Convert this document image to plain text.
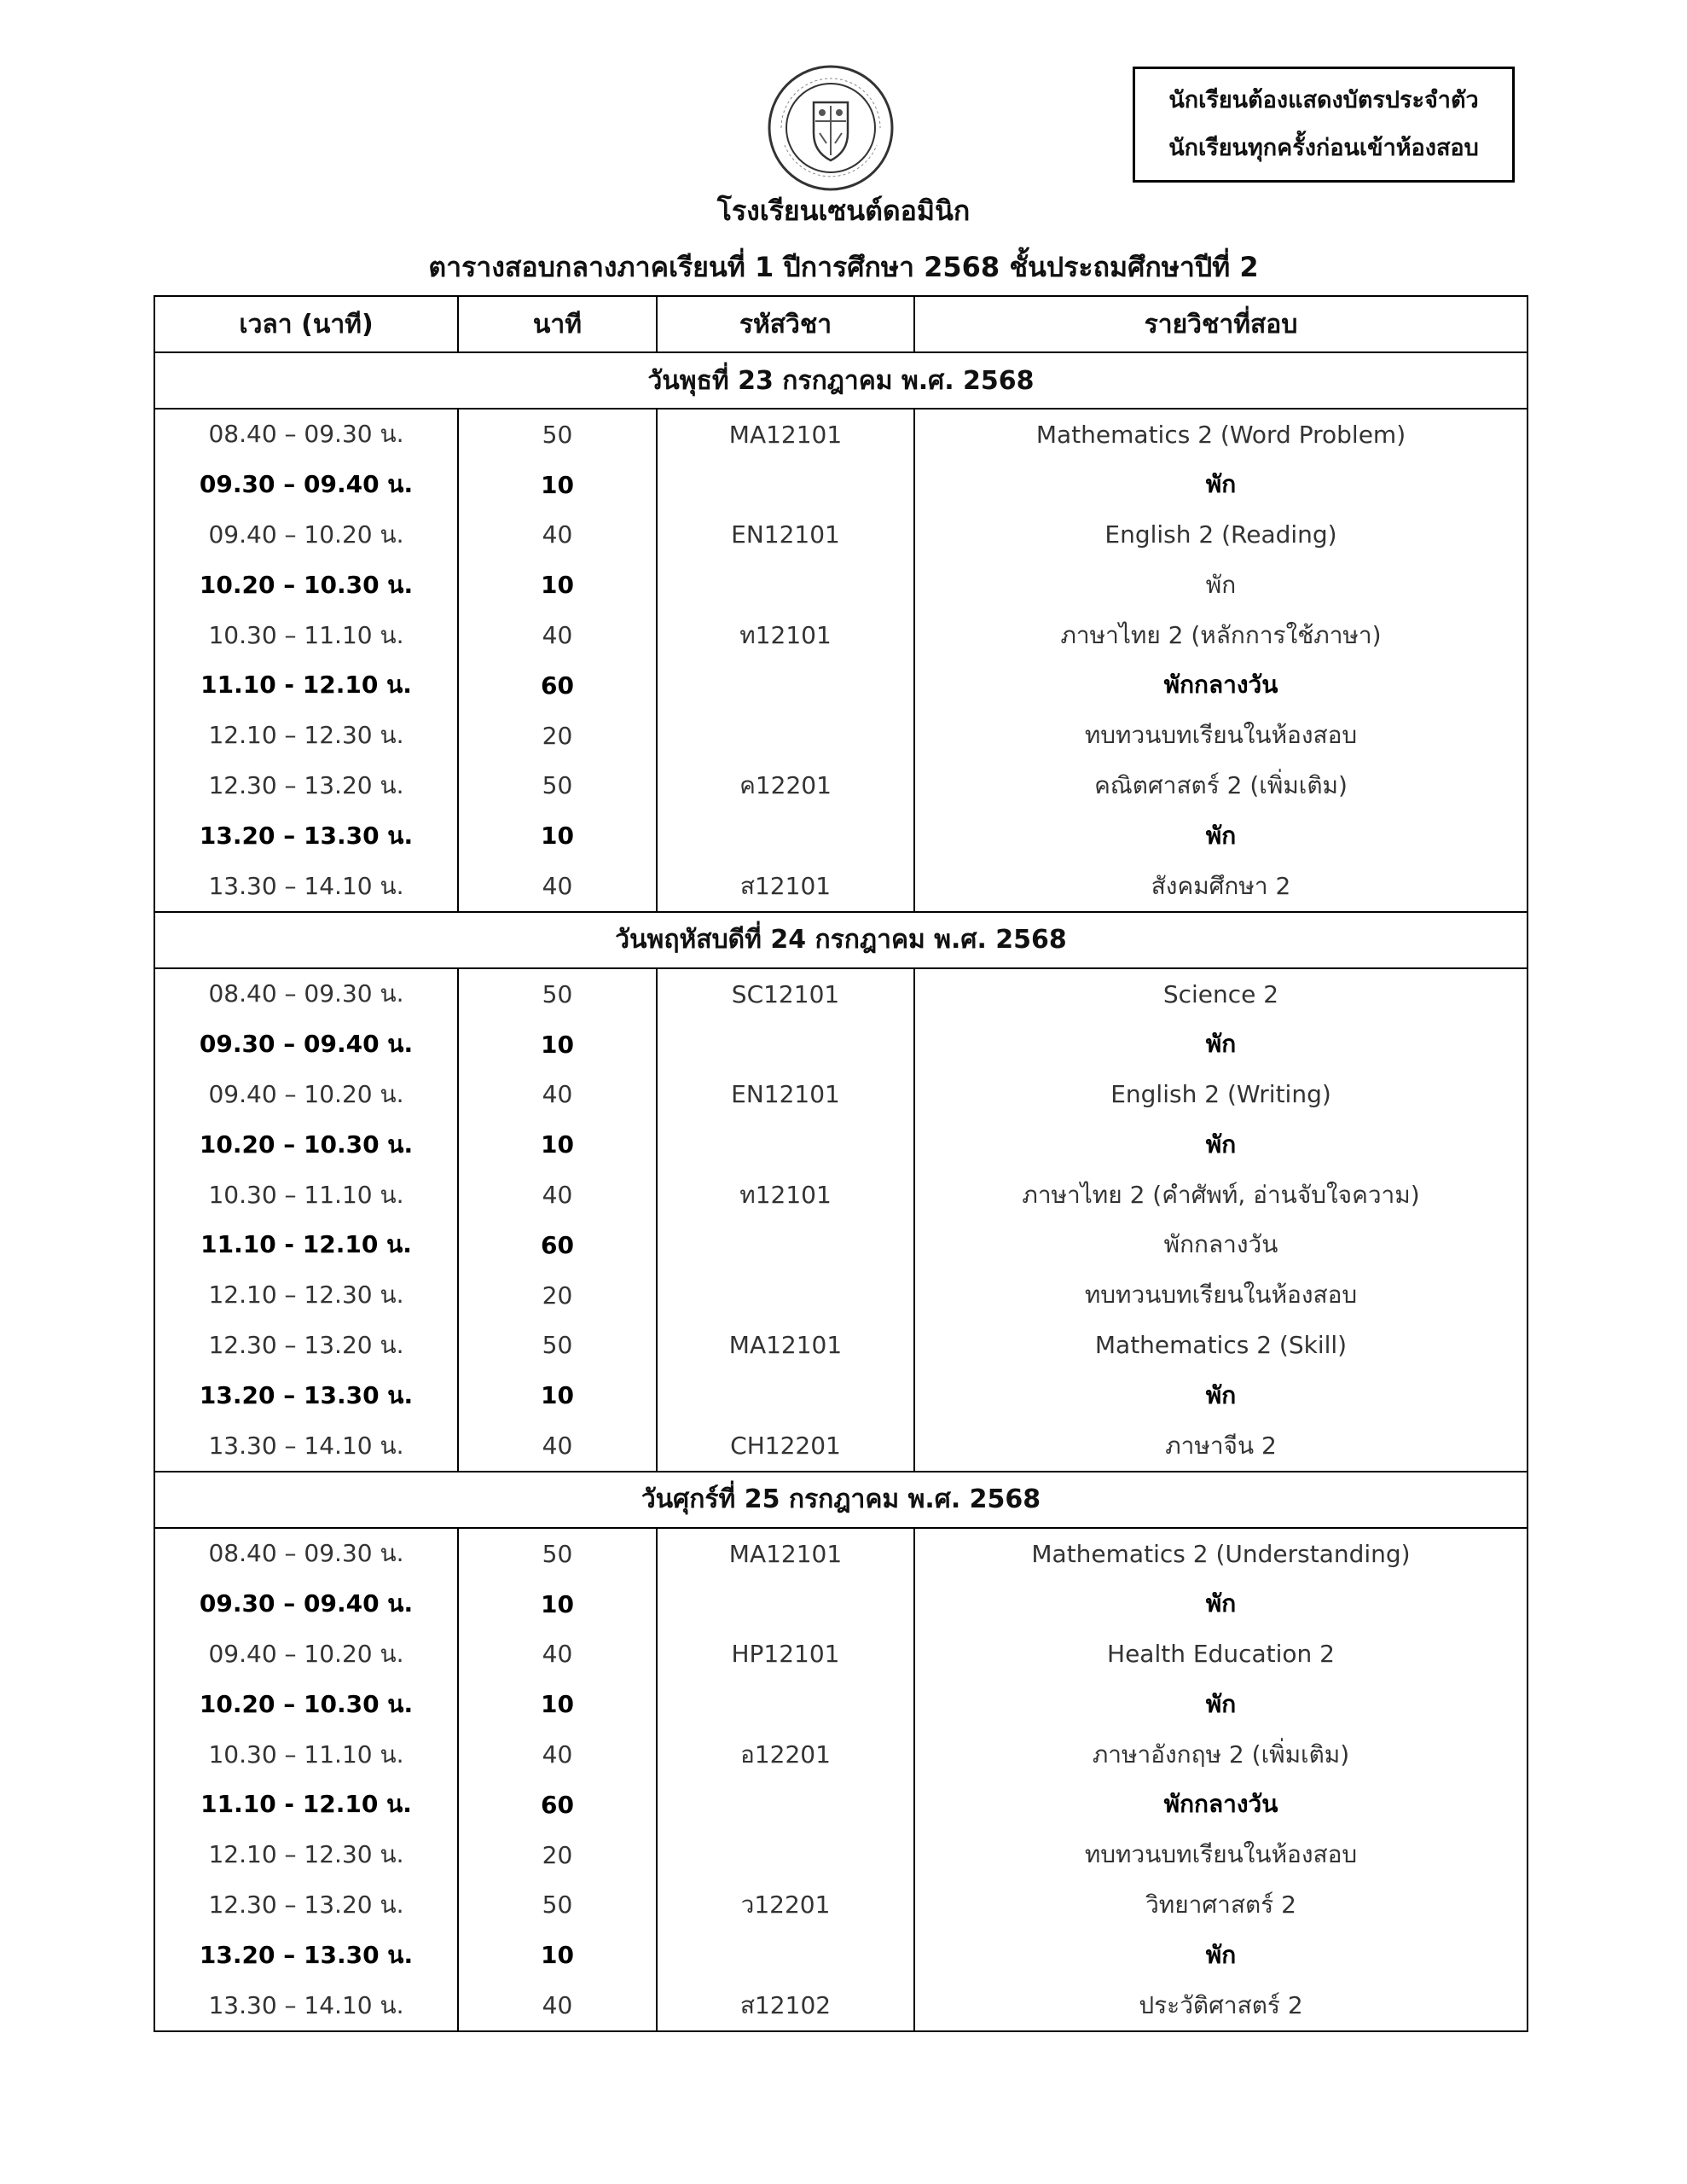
นักเรียนต้องแสดงบัตรประจำตัว
นักเรียนทุกครั้งก่อนเข้าห้องสอบ
โรงเรียนเซนต์ดอมินิก
ตารางสอบกลางภาคเรียนที่ 1 ปีการศึกษา 2568 ชั้นประถมศึกษาปีที่ 2
เวลา (นาที)	นาที	รหัสวิชา	รายวิชาที่สอบ
วันพุธที่ 23 กรกฎาคม พ.ศ. 2568			
08.40 – 09.30 น.	50	MA12101	Mathematics 2 (Word Problem)
09.30 – 09.40 น.	10		พัก
09.40 – 10.20 น.	40	EN12101	English 2 (Reading)
10.20 – 10.30 น.	10		พัก
10.30 – 11.10 น.	40	ท12101	ภาษาไทย 2 (หลักการใช้ภาษา)
11.10 - 12.10 น.	60		พักกลางวัน
12.10 – 12.30 น.	20		ทบทวนบทเรียนในห้องสอบ
12.30 – 13.20 น.	50	ค12201	คณิตศาสตร์ 2 (เพิ่มเติม)
13.20 – 13.30 น.	10		พัก
13.30 – 14.10 น.	40	ส12101	สังคมศึกษา 2
วันพฤหัสบดีที่ 24 กรกฎาคม พ.ศ. 2568			
08.40 – 09.30 น.	50	SC12101	Science 2
09.30 – 09.40 น.	10		พัก
09.40 – 10.20 น.	40	EN12101	English 2 (Writing)
10.20 – 10.30 น.	10		พัก
10.30 – 11.10 น.	40	ท12101	ภาษาไทย 2 (คำศัพท์, อ่านจับใจความ)
11.10 - 12.10 น.	60		พักกลางวัน
12.10 – 12.30 น.	20		ทบทวนบทเรียนในห้องสอบ
12.30 – 13.20 น.	50	MA12101	Mathematics 2 (Skill)
13.20 – 13.30 น.	10		พัก
13.30 – 14.10 น.	40	CH12201	ภาษาจีน 2
วันศุกร์ที่ 25 กรกฎาคม พ.ศ. 2568			
08.40 – 09.30 น.	50	MA12101	Mathematics 2 (Understanding)
09.30 – 09.40 น.	10		พัก
09.40 – 10.20 น.	40	HP12101	Health Education 2
10.20 – 10.30 น.	10		พัก
10.30 – 11.10 น.	40	อ12201	ภาษาอังกฤษ 2 (เพิ่มเติม)
11.10 - 12.10 น.	60		พักกลางวัน
12.10 – 12.30 น.	20		ทบทวนบทเรียนในห้องสอบ
12.30 – 13.20 น.	50	ว12201	วิทยาศาสตร์ 2
13.20 – 13.30 น.	10		พัก
13.30 – 14.10 น.	40	ส12102	ประวัติศาสตร์ 2
